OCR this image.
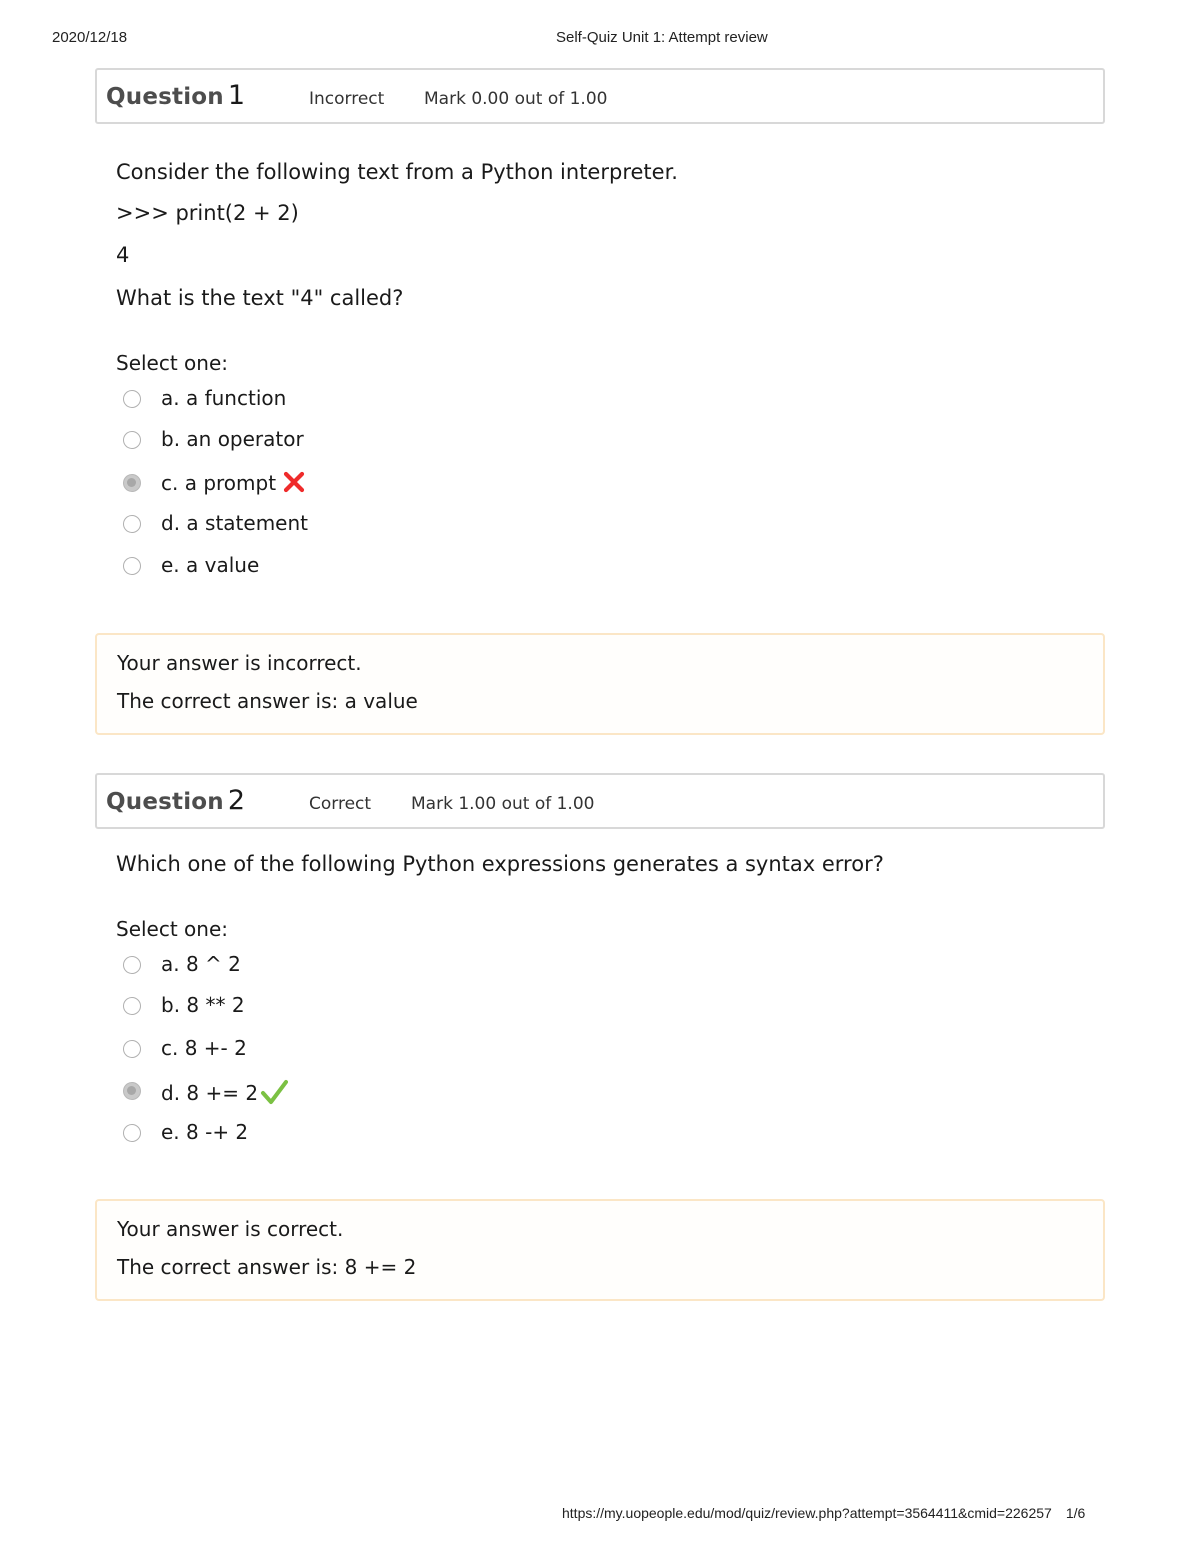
2020/12/18	Self-Quiz Unit 1: Attempt review
Question 1	Incorrect Mark 0.00 out of 1.00
Consider the following text from a Python interpreter.
>>> print(2 + 2)
4
What is the text "4" called?
Select one:
a. a function
b. an operator
c. a prompt
d. a statement
e. a value
Your answer is incorrect.
The correct answer is: a value
Question 2	Correct Mark 1.00 out of 1.00
Which one of the following Python expressions generates a syntax error?
Select one:
a. 8 ^ 2
b. 8 ** 2
c. 8 +- 2
d. 8 += 2
e. 8 -+ 2
Your answer is correct.
The correct answer is: 8 += 2
https://my.uopeople.edu/mod/quiz/review.php?attempt=3564411&cmid=226257 1/6
